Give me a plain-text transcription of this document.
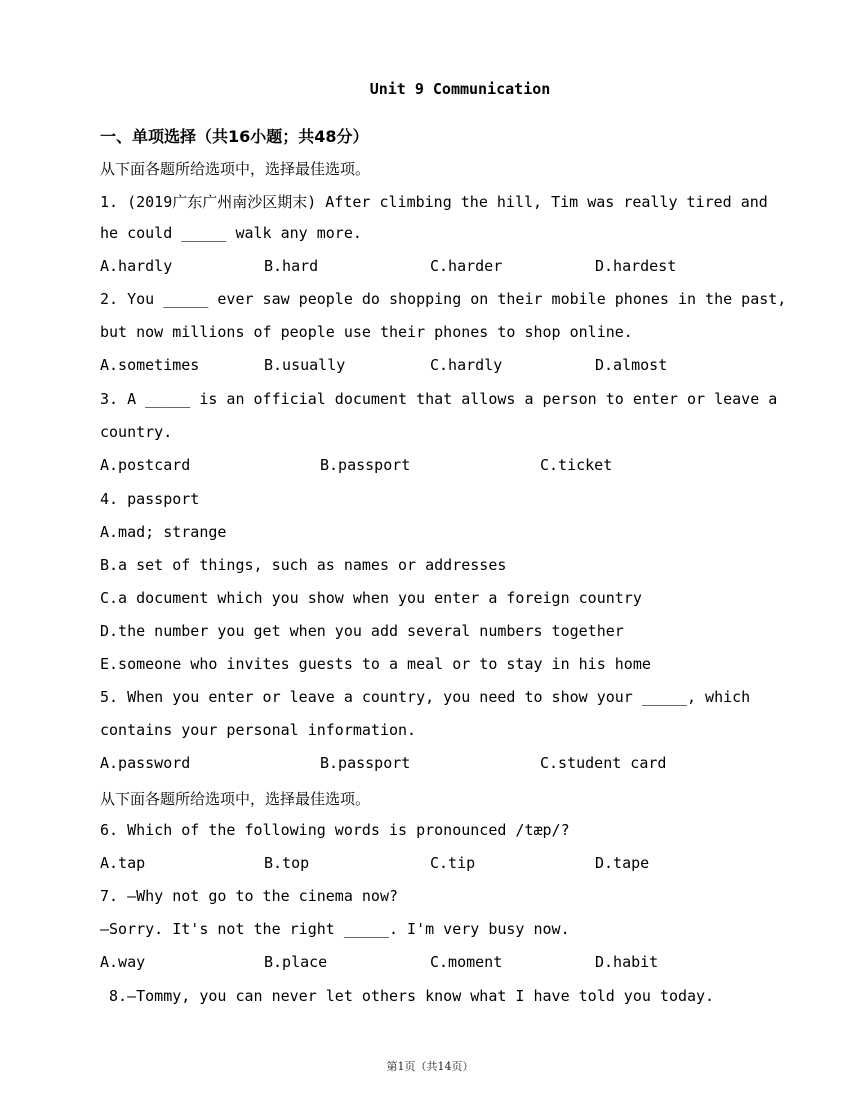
Unit 9 Communication
一、单项选择（共16小题；共48分）
从下面各题所给选项中，选择最佳选项。
1. (2019广东广州南沙区期末) After climbing the hill, Tim was really tired and
he could _____ walk any more.
A.hardly	B.hard	C.harder	D.hardest
2. You _____ ever saw people do shopping on their mobile phones in the past,
but now millions of people use their phones to shop online.
A.sometimes	B.usually	C.hardly	D.almost
3. A _____ is an official document that allows a person to enter or leave a
country.
A.postcard	B.passport	C.ticket
4. passport
A.mad; strange
B.a set of things, such as names or addresses
C.a document which you show when you enter a foreign country
D.the number you get when you add several numbers together
E.someone who invites guests to a meal or to stay in his home
5. When you enter or leave a country, you need to show your _____, which
contains your personal information.
A.password	B.passport	C.student card
从下面各题所给选项中，选择最佳选项。
6. Which of the following words is pronounced /tæp/?
A.tap	B.top	C.tip	D.tape
7. —Why not go to the cinema now?
—Sorry. It's not the right _____. I'm very busy now.
A.way	B.place	C.moment	D.habit
8.—Tommy, you can never let others know what I have told you today.
第1页（共14页）
